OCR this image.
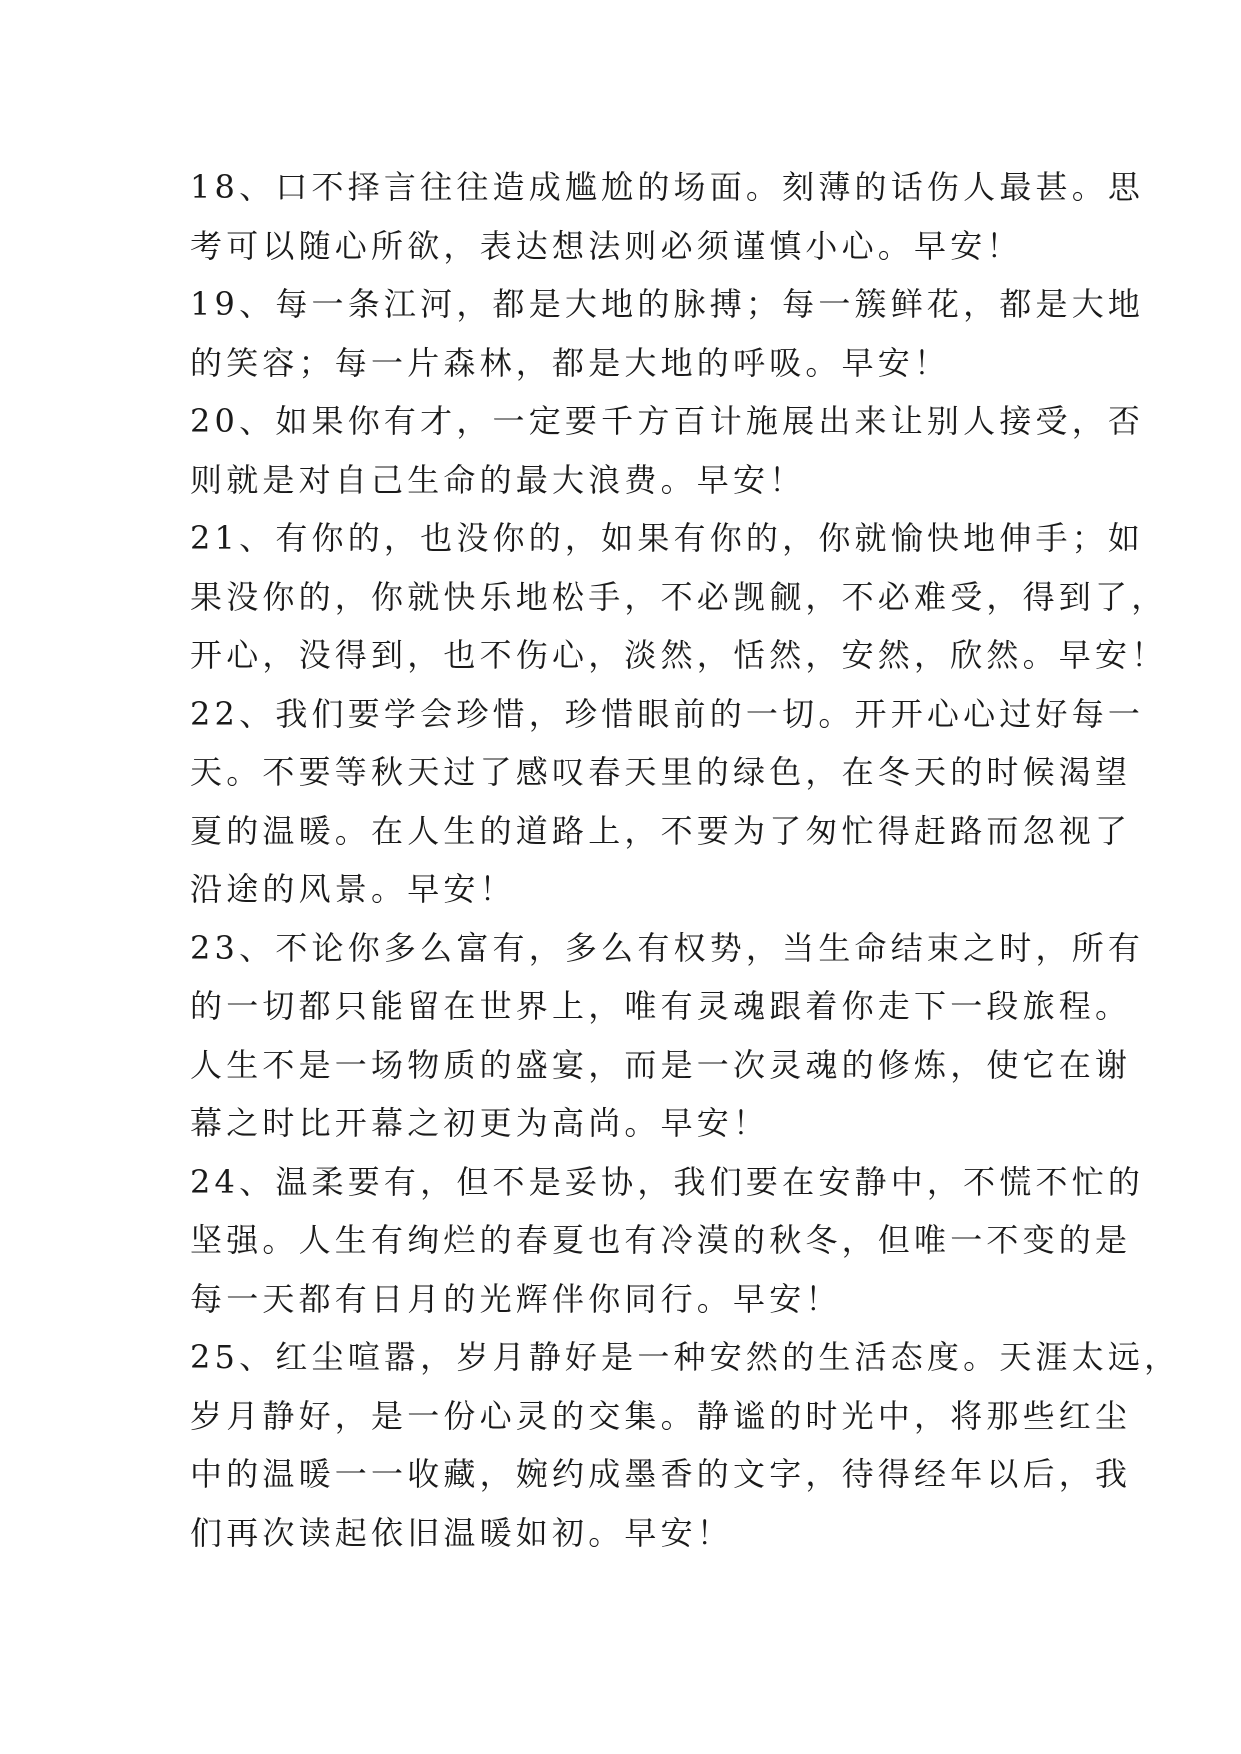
18、口不择言往往造成尴尬的场面。刻薄的话伤人最甚。思
考可以随心所欲，表达想法则必须谨慎小心。早安！
19、每一条江河，都是大地的脉搏；每一簇鲜花，都是大地
的笑容；每一片森林，都是大地的呼吸。早安！
20、如果你有才，一定要千方百计施展出来让别人接受，否
则就是对自己生命的最大浪费。早安！
21、有你的，也没你的，如果有你的，你就愉快地伸手；如
果没你的，你就快乐地松手，不必觊觎，不必难受，得到了，
开心，没得到，也不伤心，淡然，恬然，安然，欣然。早安！
22、我们要学会珍惜，珍惜眼前的一切。开开心心过好每一
天。不要等秋天过了感叹春天里的绿色，在冬天的时候渴望
夏的温暖。在人生的道路上，不要为了匆忙得赶路而忽视了
沿途的风景。早安！
23、不论你多么富有，多么有权势，当生命结束之时，所有
的一切都只能留在世界上，唯有灵魂跟着你走下一段旅程。
人生不是一场物质的盛宴，而是一次灵魂的修炼，使它在谢
幕之时比开幕之初更为高尚。早安！
24、温柔要有，但不是妥协，我们要在安静中，不慌不忙的
坚强。人生有绚烂的春夏也有冷漠的秋冬，但唯一不变的是
每一天都有日月的光辉伴你同行。早安！
25、红尘喧嚣，岁月静好是一种安然的生活态度。天涯太远，
岁月静好，是一份心灵的交集。静谧的时光中，将那些红尘
中的温暖一一收藏，婉约成墨香的文字，待得经年以后，我
们再次读起依旧温暖如初。早安！
